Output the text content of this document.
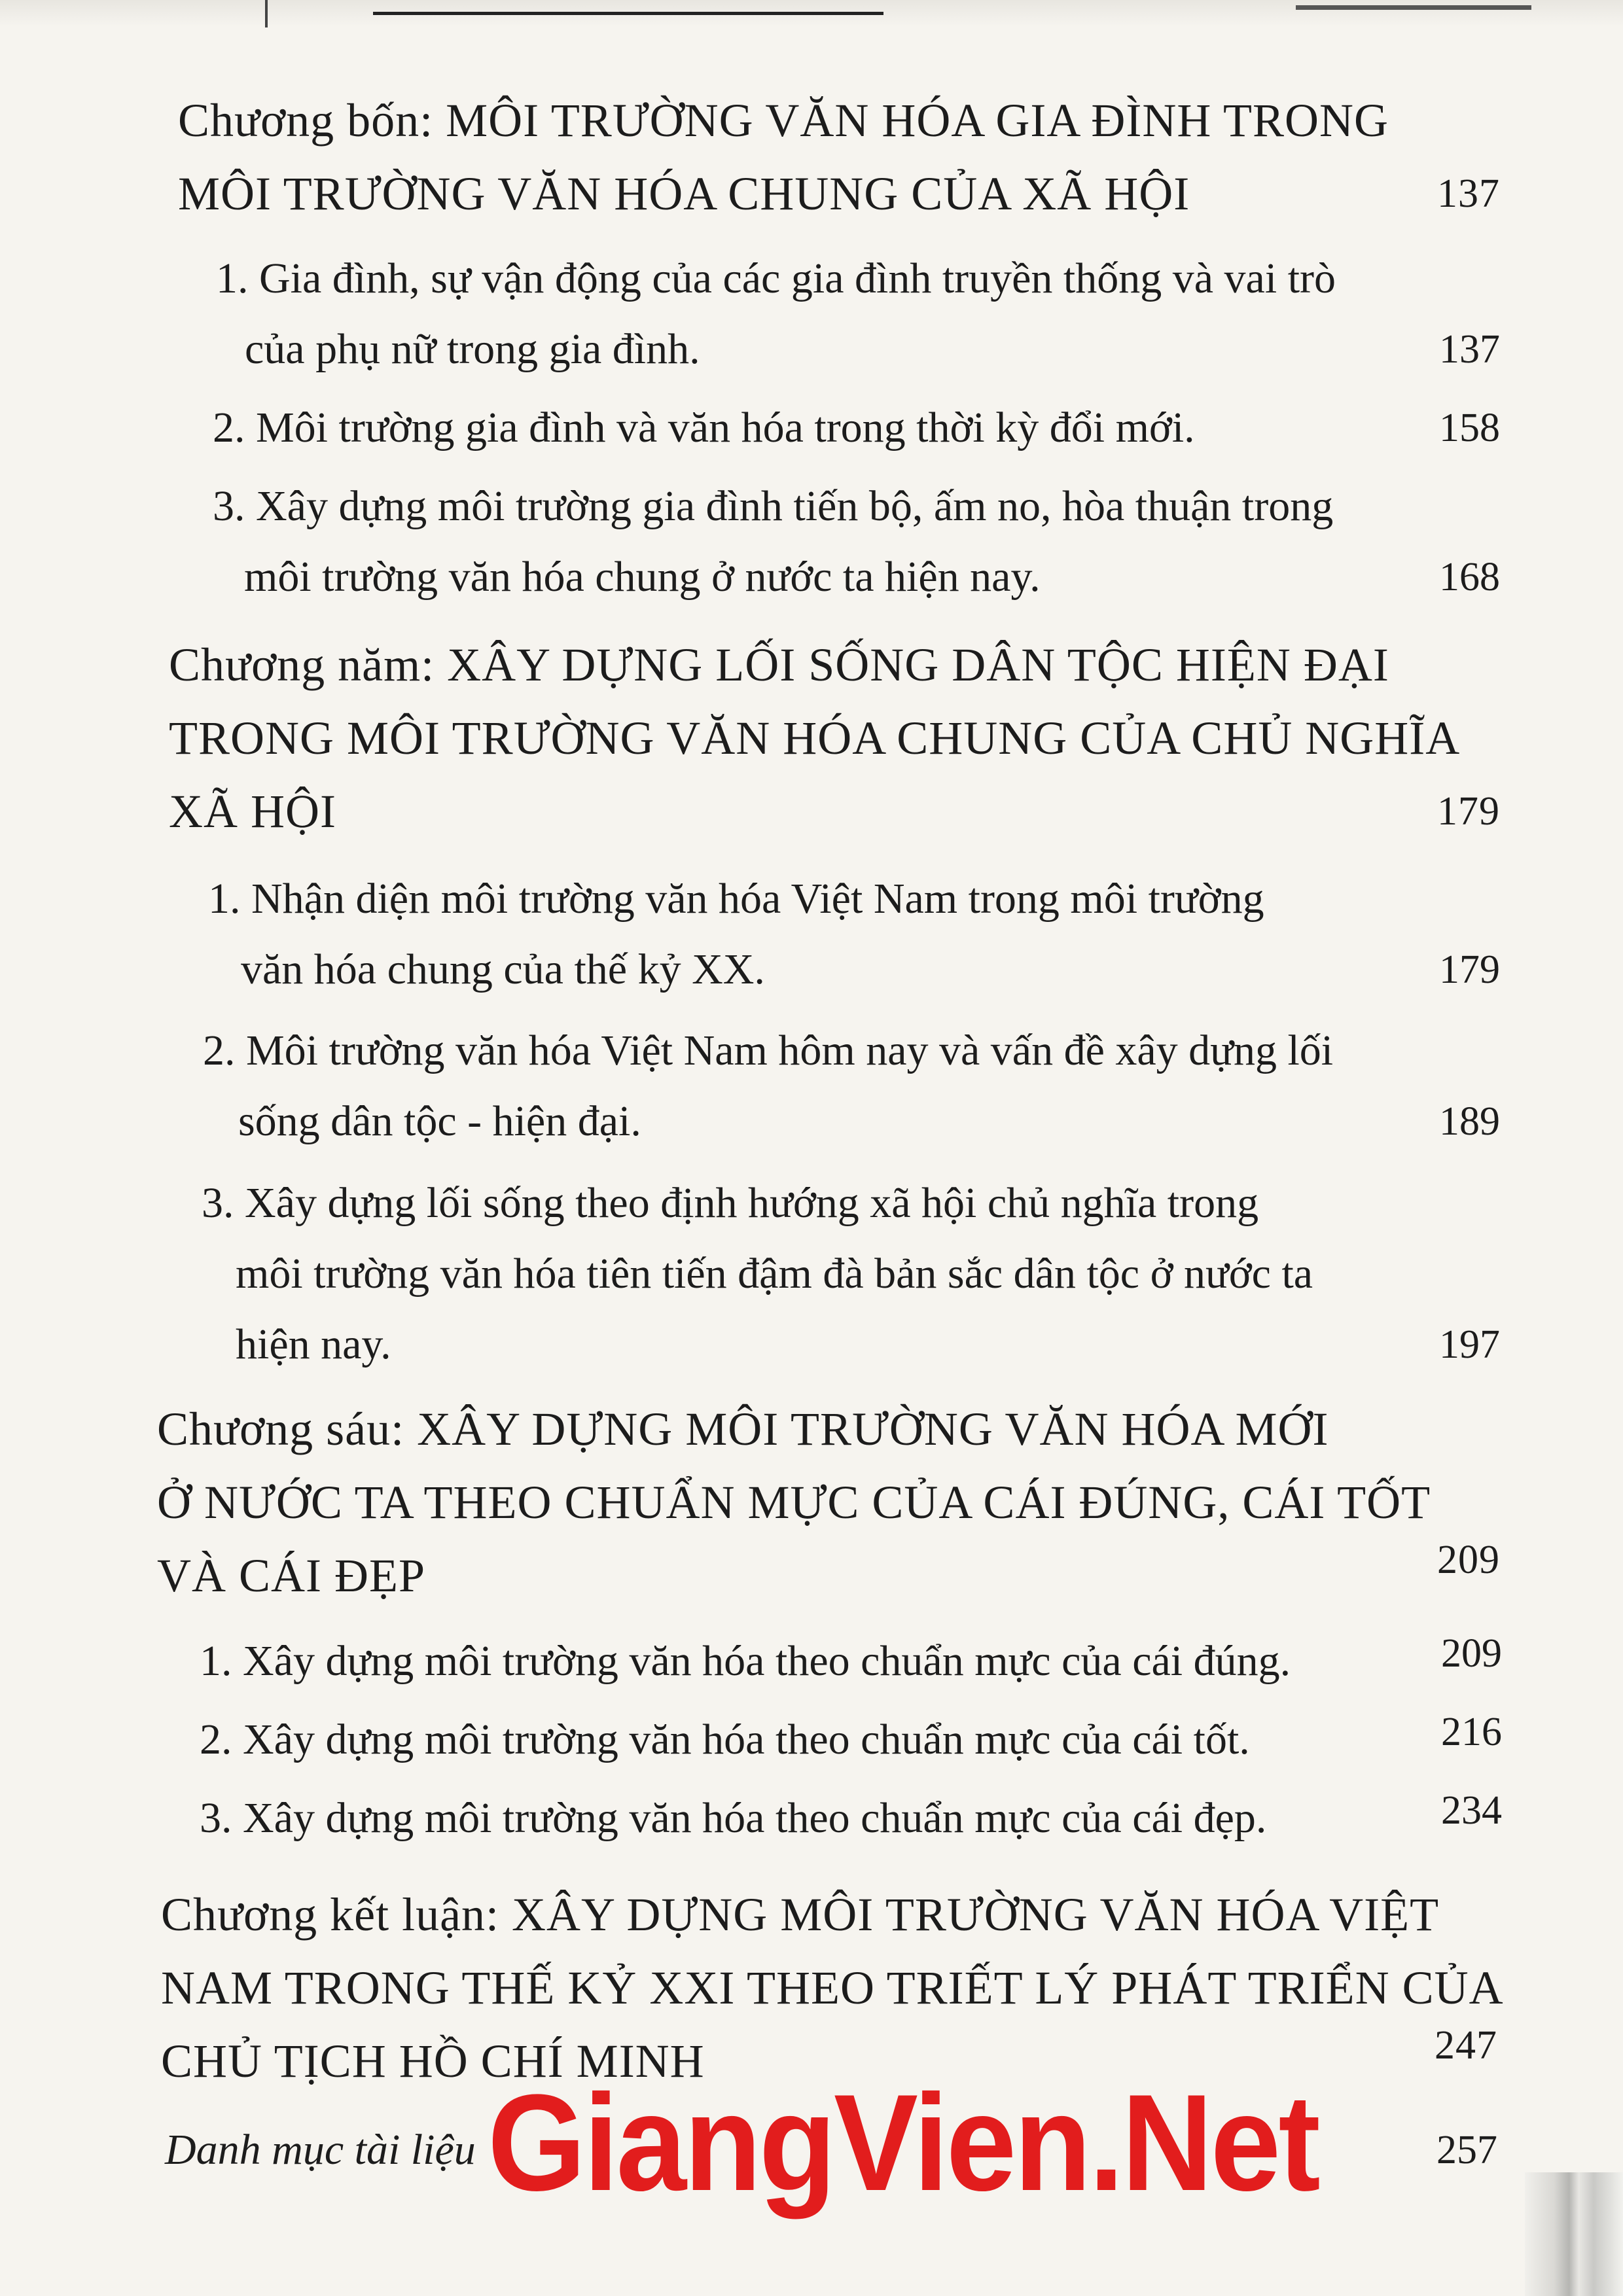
Chương bốn: MÔI TRƯỜNG VĂN HÓA GIA ĐÌNH TRONG
MÔI TRƯỜNG VĂN HÓA CHUNG CỦA XÃ HỘI	137
1. Gia đình, sự vận động của các gia đình truyền thống và vai trò
của phụ nữ trong gia đình.	137
2. Môi trường gia đình và văn hóa trong thời kỳ đổi mới.	158
3. Xây dựng môi trường gia đình tiến bộ, ấm no, hòa thuận trong
môi trường văn hóa chung ở nước ta hiện nay.	168
Chương năm: XÂY DỰNG LỐI SỐNG DÂN TỘC HIỆN ĐẠI
TRONG MÔI TRƯỜNG VĂN HÓA CHUNG CỦA CHỦ NGHĨA
XÃ HỘI	179
1. Nhận diện môi trường văn hóa Việt Nam trong môi trường
văn hóa chung của thế kỷ XX.	179
2. Môi trường văn hóa Việt Nam hôm nay và vấn đề xây dựng lối
sống dân tộc - hiện đại.	189
3. Xây dựng lối sống theo định hướng xã hội chủ nghĩa trong
môi trường văn hóa tiên tiến đậm đà bản sắc dân tộc ở nước ta
hiện nay.	197
Chương sáu: XÂY DỰNG MÔI TRƯỜNG VĂN HÓA MỚI
Ở NƯỚC TA THEO CHUẨN MỰC CỦA CÁI ĐÚNG, CÁI TỐT
VÀ CÁI ĐẸP	209
1. Xây dựng môi trường văn hóa theo chuẩn mực của cái đúng.	209
2. Xây dựng môi trường văn hóa theo chuẩn mực của cái tốt.	216
3. Xây dựng môi trường văn hóa theo chuẩn mực của cái đẹp.	234
Chương kết luận: XÂY DỰNG MÔI TRƯỜNG VĂN HÓA VIỆT
NAM TRONG THẾ KỶ XXI THEO TRIẾT LÝ PHÁT TRIỂN CỦA
CHỦ TỊCH HỒ CHÍ MINH	247
Danh mục tài liệu	257
GiangVien.Net
